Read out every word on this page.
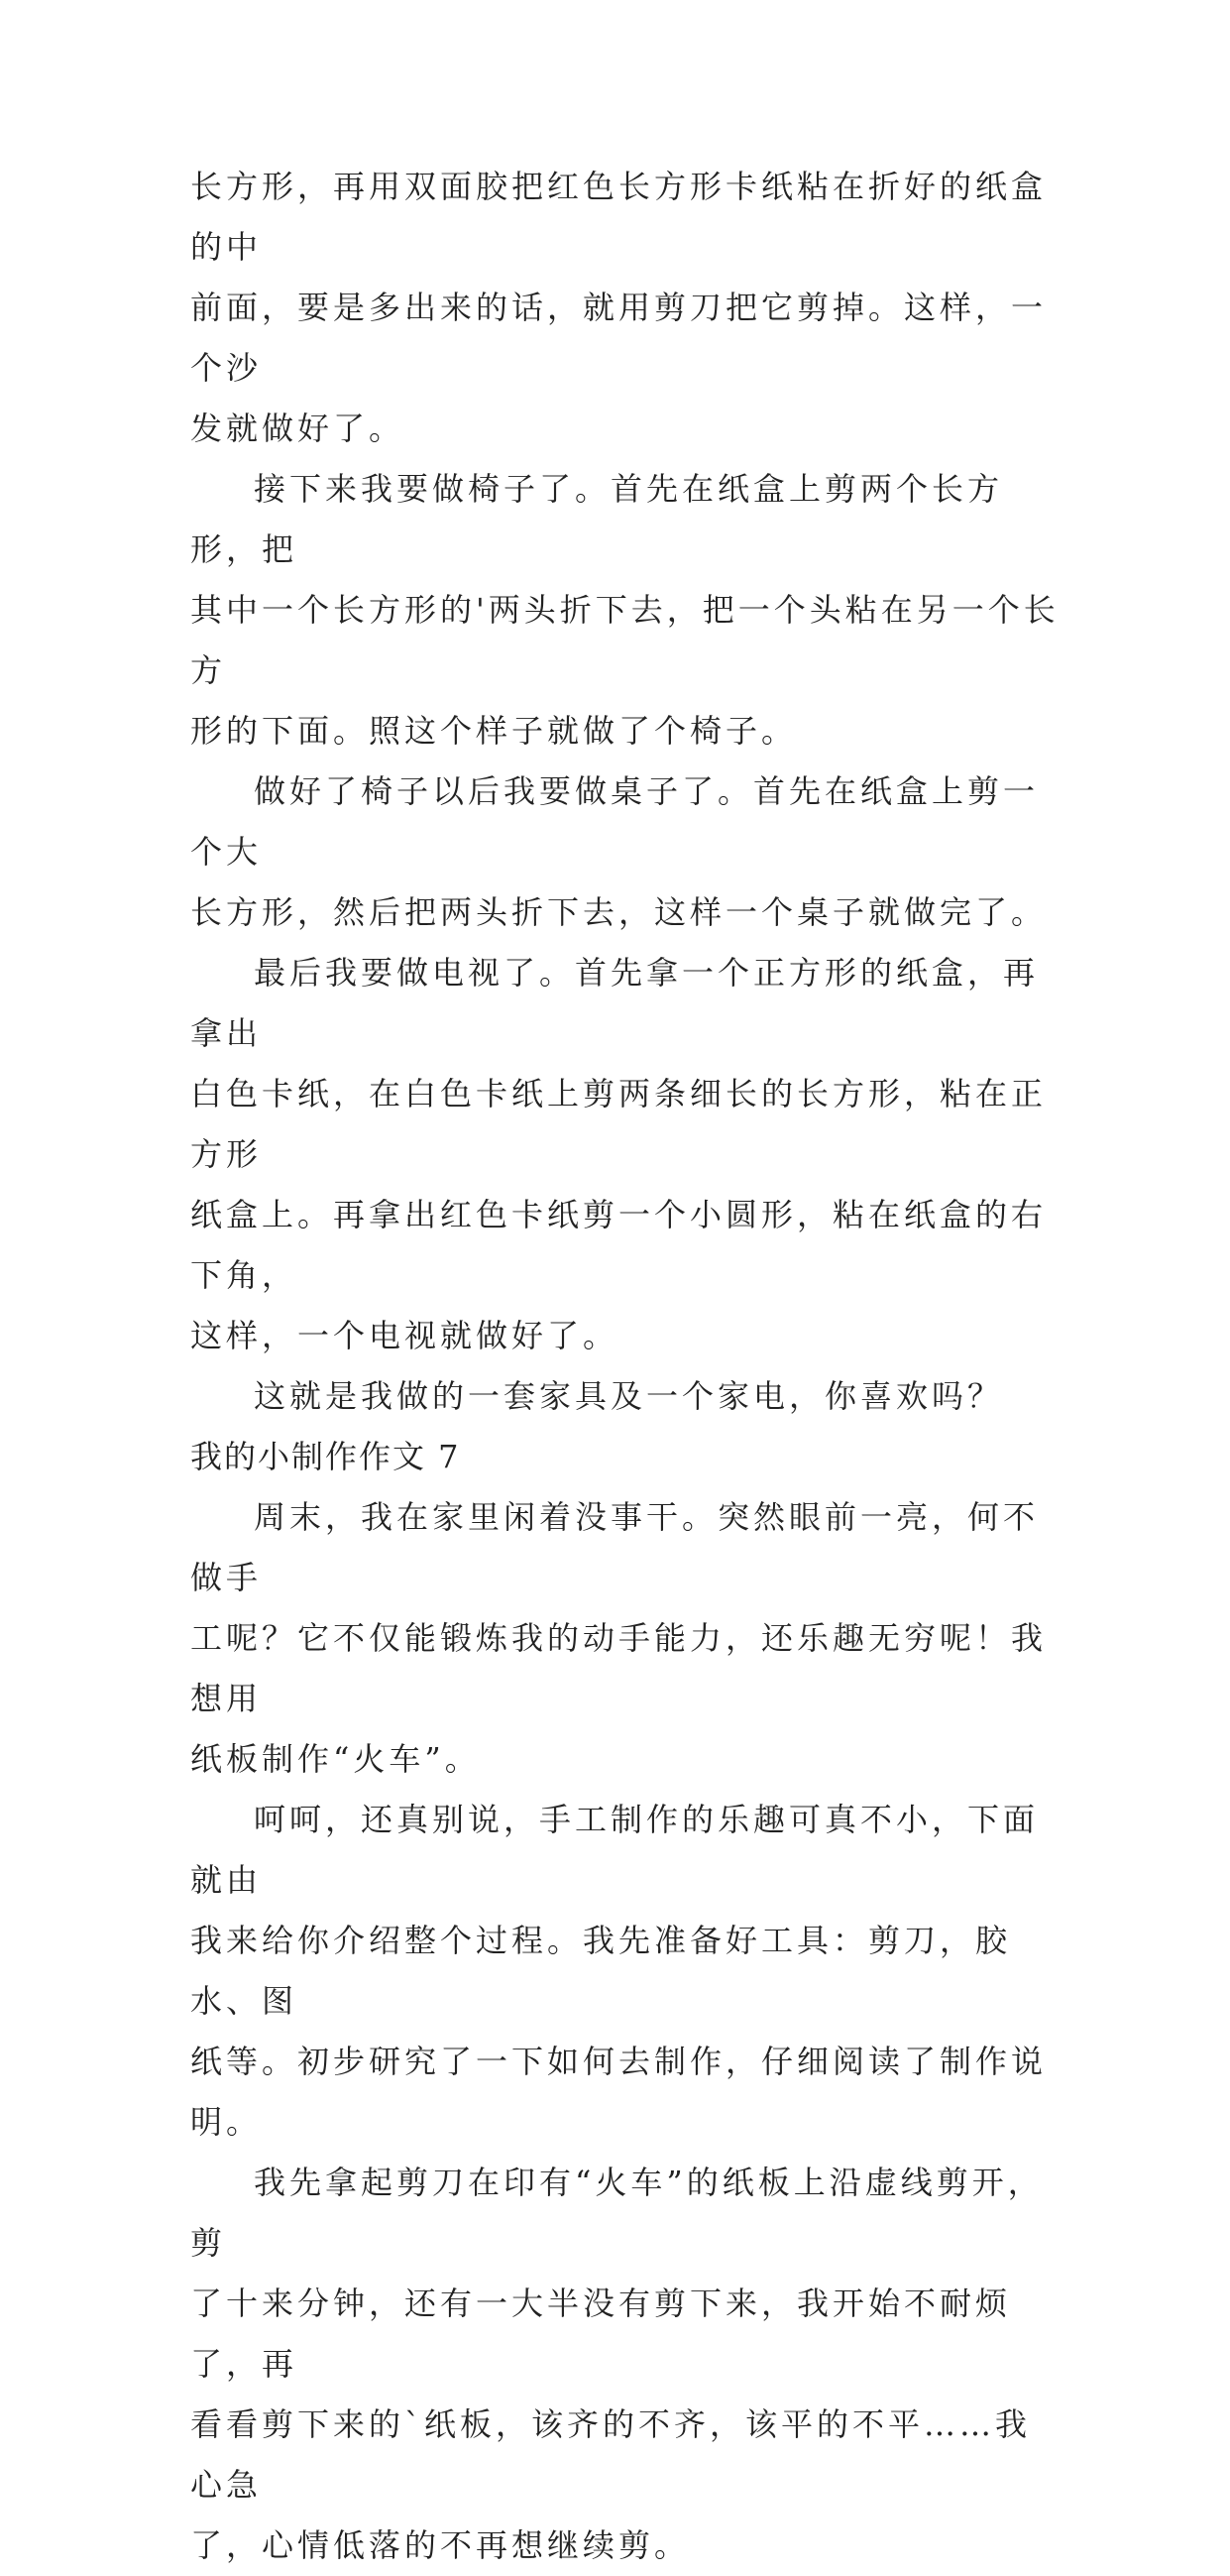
长方形，再用双面胶把红色长方形卡纸粘在折好的纸盒的中
前面，要是多出来的话，就用剪刀把它剪掉。这样，一个沙
发就做好了。

接下来我要做椅子了。首先在纸盒上剪两个长方形，把
其中一个长方形的'两头折下去，把一个头粘在另一个长方
形的下面。照这个样子就做了个椅子。

做好了椅子以后我要做桌子了。首先在纸盒上剪一个大
长方形，然后把两头折下去，这样一个桌子就做完了。

最后我要做电视了。首先拿一个正方形的纸盒，再拿出
白色卡纸，在白色卡纸上剪两条细长的长方形，粘在正方形
纸盒上。再拿出红色卡纸剪一个小圆形，粘在纸盒的右下角，
这样，一个电视就做好了。

这就是我做的一套家具及一个家电，你喜欢吗？

我的小制作作文 7

周末，我在家里闲着没事干。突然眼前一亮，何不做手
工呢？它不仅能锻炼我的动手能力，还乐趣无穷呢！我想用
纸板制作“火车”。

呵呵，还真别说，手工制作的乐趣可真不小，下面就由
我来给你介绍整个过程。我先准备好工具：剪刀，胶水、图
纸等。初步研究了一下如何去制作，仔细阅读了制作说明。

我先拿起剪刀在印有“火车”的纸板上沿虚线剪开，剪
了十来分钟，还有一大半没有剪下来，我开始不耐烦了，再
看看剪下来的`纸板，该齐的不齐，该平的不平……我心急
了，心情低落的不再想继续剪。
